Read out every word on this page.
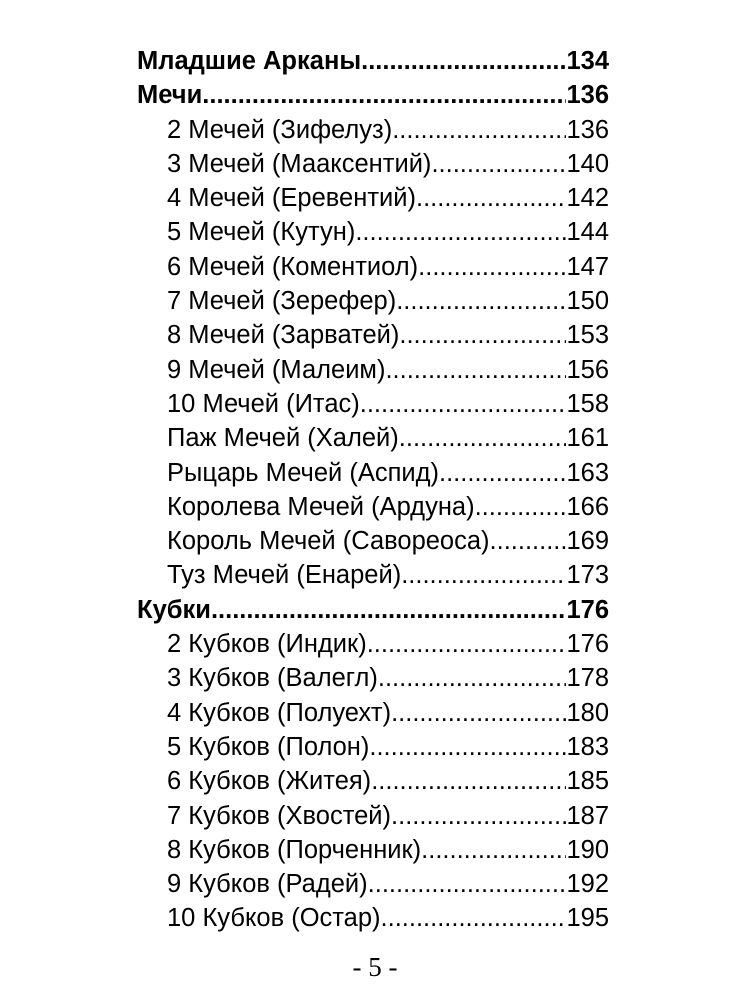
Младшие Арканы .....	134
Мечи .....	136
2 Мечей (Зифелуз) .....	136
3 Мечей (Мааксентий) .....	140
4 Мечей (Еревентий) .....	142
5 Мечей (Кутун) .....	144
6 Мечей (Коментиол) .....	147
7 Мечей (Зерефер) .....	150
8 Мечей (Зарватей) .....	153
9 Мечей (Малеим) .....	156
10 Мечей (Итас) .....	158
Паж Мечей (Халей) .....	161
Рыцарь Мечей (Аспид) .....	163
Королева Мечей (Ардуна) .....	166
Король Мечей (Савореоса) .....	169
Туз Мечей (Енарей) .....	173
Кубки .....	176
2 Кубков (Индик) .....	176
3 Кубков (Валегл) .....	178
4 Кубков (Полуехт) .....	180
5 Кубков (Полон) .....	183
6 Кубков (Житея) .....	185
7 Кубков (Хвостей) .....	187
8 Кубков (Порченник) .....	190
9 Кубков (Радей) .....	192
10 Кубков (Остар) .....	195
- 5 -
